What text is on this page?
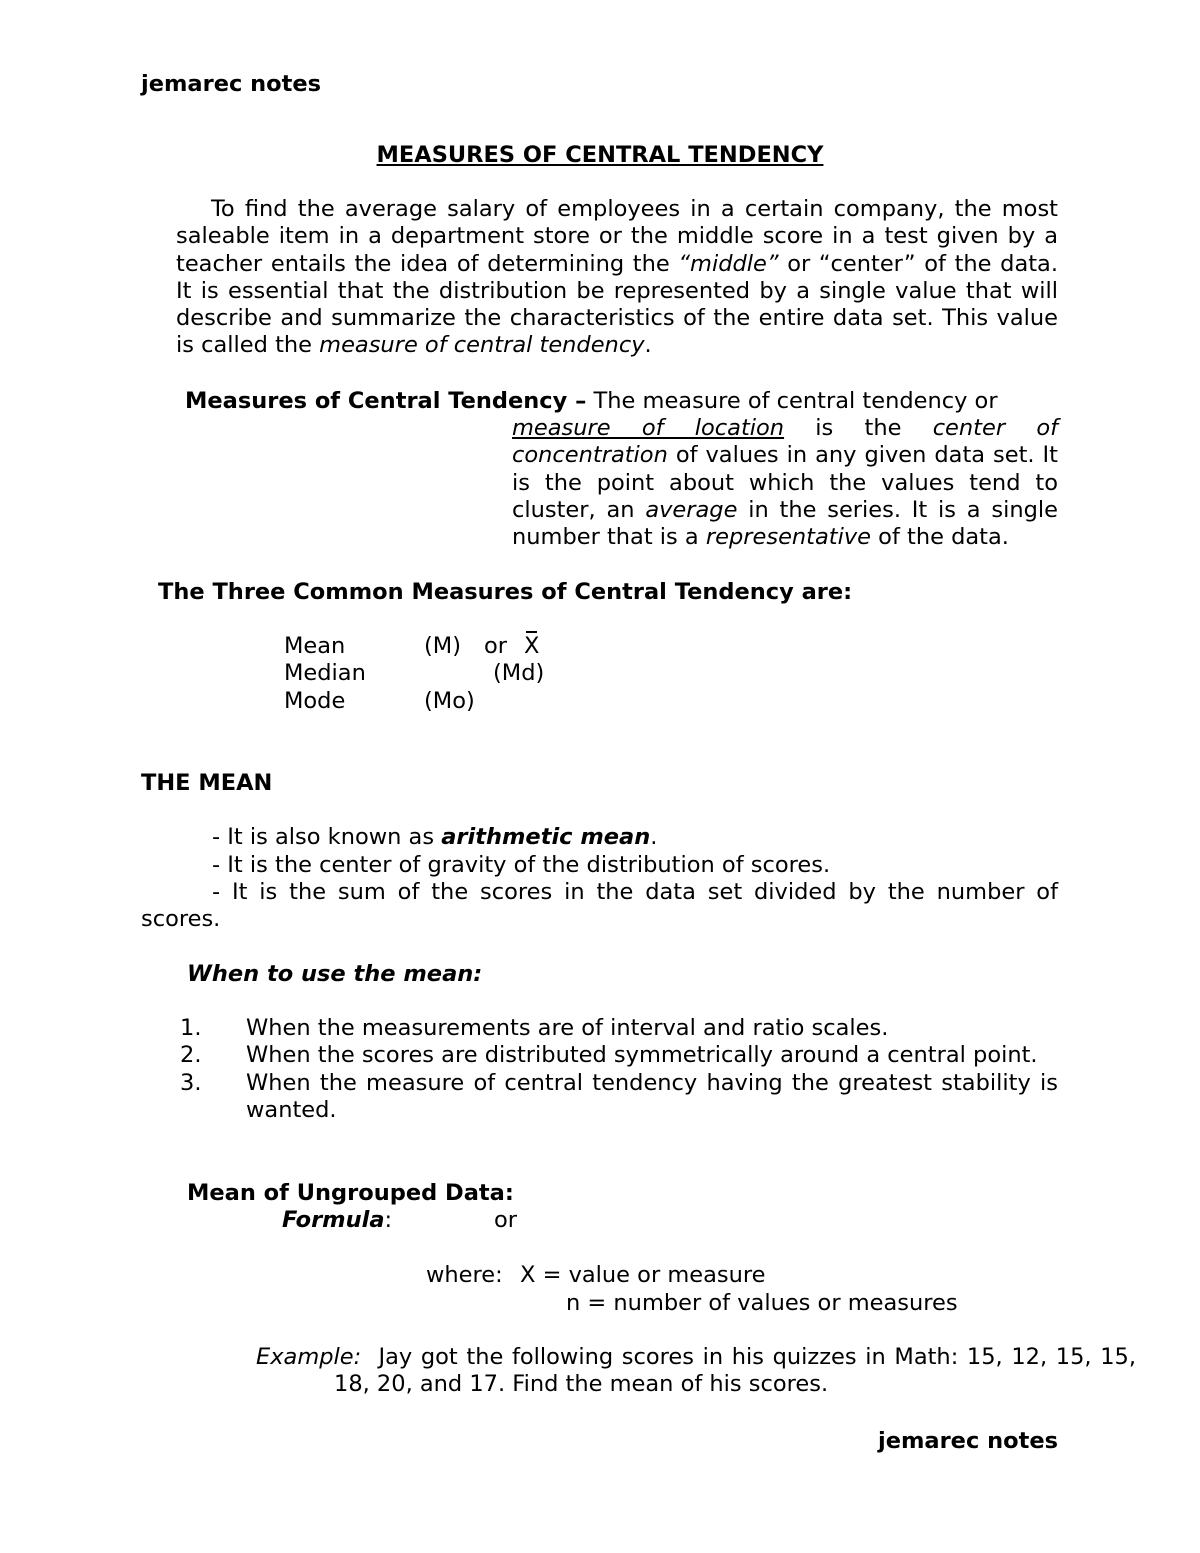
jemarec notes
MEASURES OF CENTRAL TENDENCY
To find the average salary of employees in a certain company, the most saleable item in a department store or the middle score in a test given by a teacher entails the idea of determining the “middle” or “center” of the data. It is essential that the distribution be represented by a single value that will describe and summarize the characteristics of the entire data set. This value is called the measure of central tendency.
Measures of Central Tendency – The measure of central tendency or
measure of location is the center of concentration of values in any given data set. It is the point about which the values tend to cluster, an average in the series. It is a single number that is a representative of the data.
The Three Common Measures of Central Tendency are:
Mean	(M) or X
Median	(Md)
Mode	(Mo)
THE MEAN
- It is also known as arithmetic mean.
- It is the center of gravity of the distribution of scores.
- It is the sum of the scores in the data set divided by the number of scores.
When to use the mean:
1. When the measurements are of interval and ratio scales.
2. When the scores are distributed symmetrically around a central point.
3. When the measure of central tendency having the greatest stability is wanted.
Mean of Ungrouped Data:
Formula:	or
where: X = value or measure
n = number of values or measures
Example: Jay got the following scores in his quizzes in Math: 15, 12, 15, 15, 18, 20, and 17. Find the mean of his scores.
jemarec notes
